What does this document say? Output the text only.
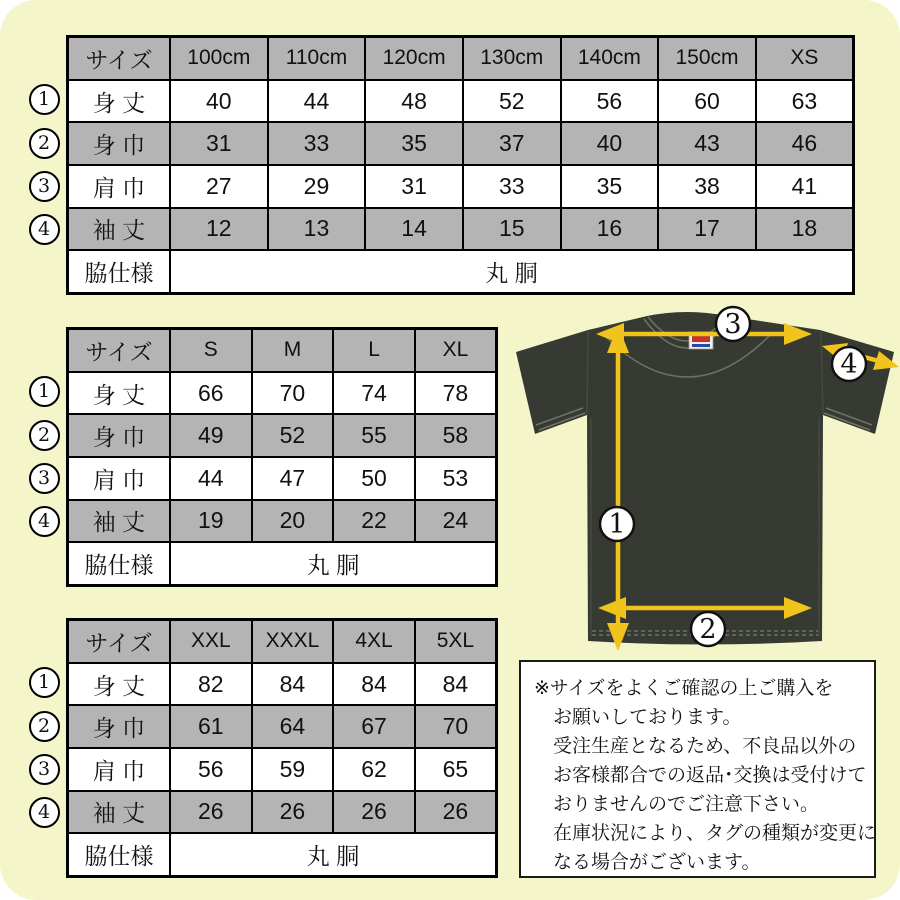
1
2
3
4
サイズ	100cm	110cm	120cm	130cm	140cm	150cm	XS
身 丈	40	44	48	52	56	60	63
身 巾	31	33	35	37	40	43	46
肩 巾	27	29	31	33	35	38	41
袖 丈	12	13	14	15	16	17	18
脇仕様	丸 胴						
1
2
3
4
サイズ	S	M	L	XL
身 丈	66	70	74	78
身 巾	49	52	55	58
肩 巾	44	47	50	53
袖 丈	19	20	22	24
脇仕様	丸 胴			
1
2
3
4
サイズ	XXL	XXXL	4XL	5XL
身 丈	82	84	84	84
身 巾	61	64	67	70
肩 巾	56	59	62	65
袖 丈	26	26	26	26
脇仕様	丸 胴			
1
2
3
4
※サイズをよくご確認の上ご購入を
お願いしております。
受注生産となるため、不良品以外の
お客様都合での返品･交換は受付けて
おりませんのでご注意下さい。
在庫状況により、タグの種類が変更に
なる場合がございます。
